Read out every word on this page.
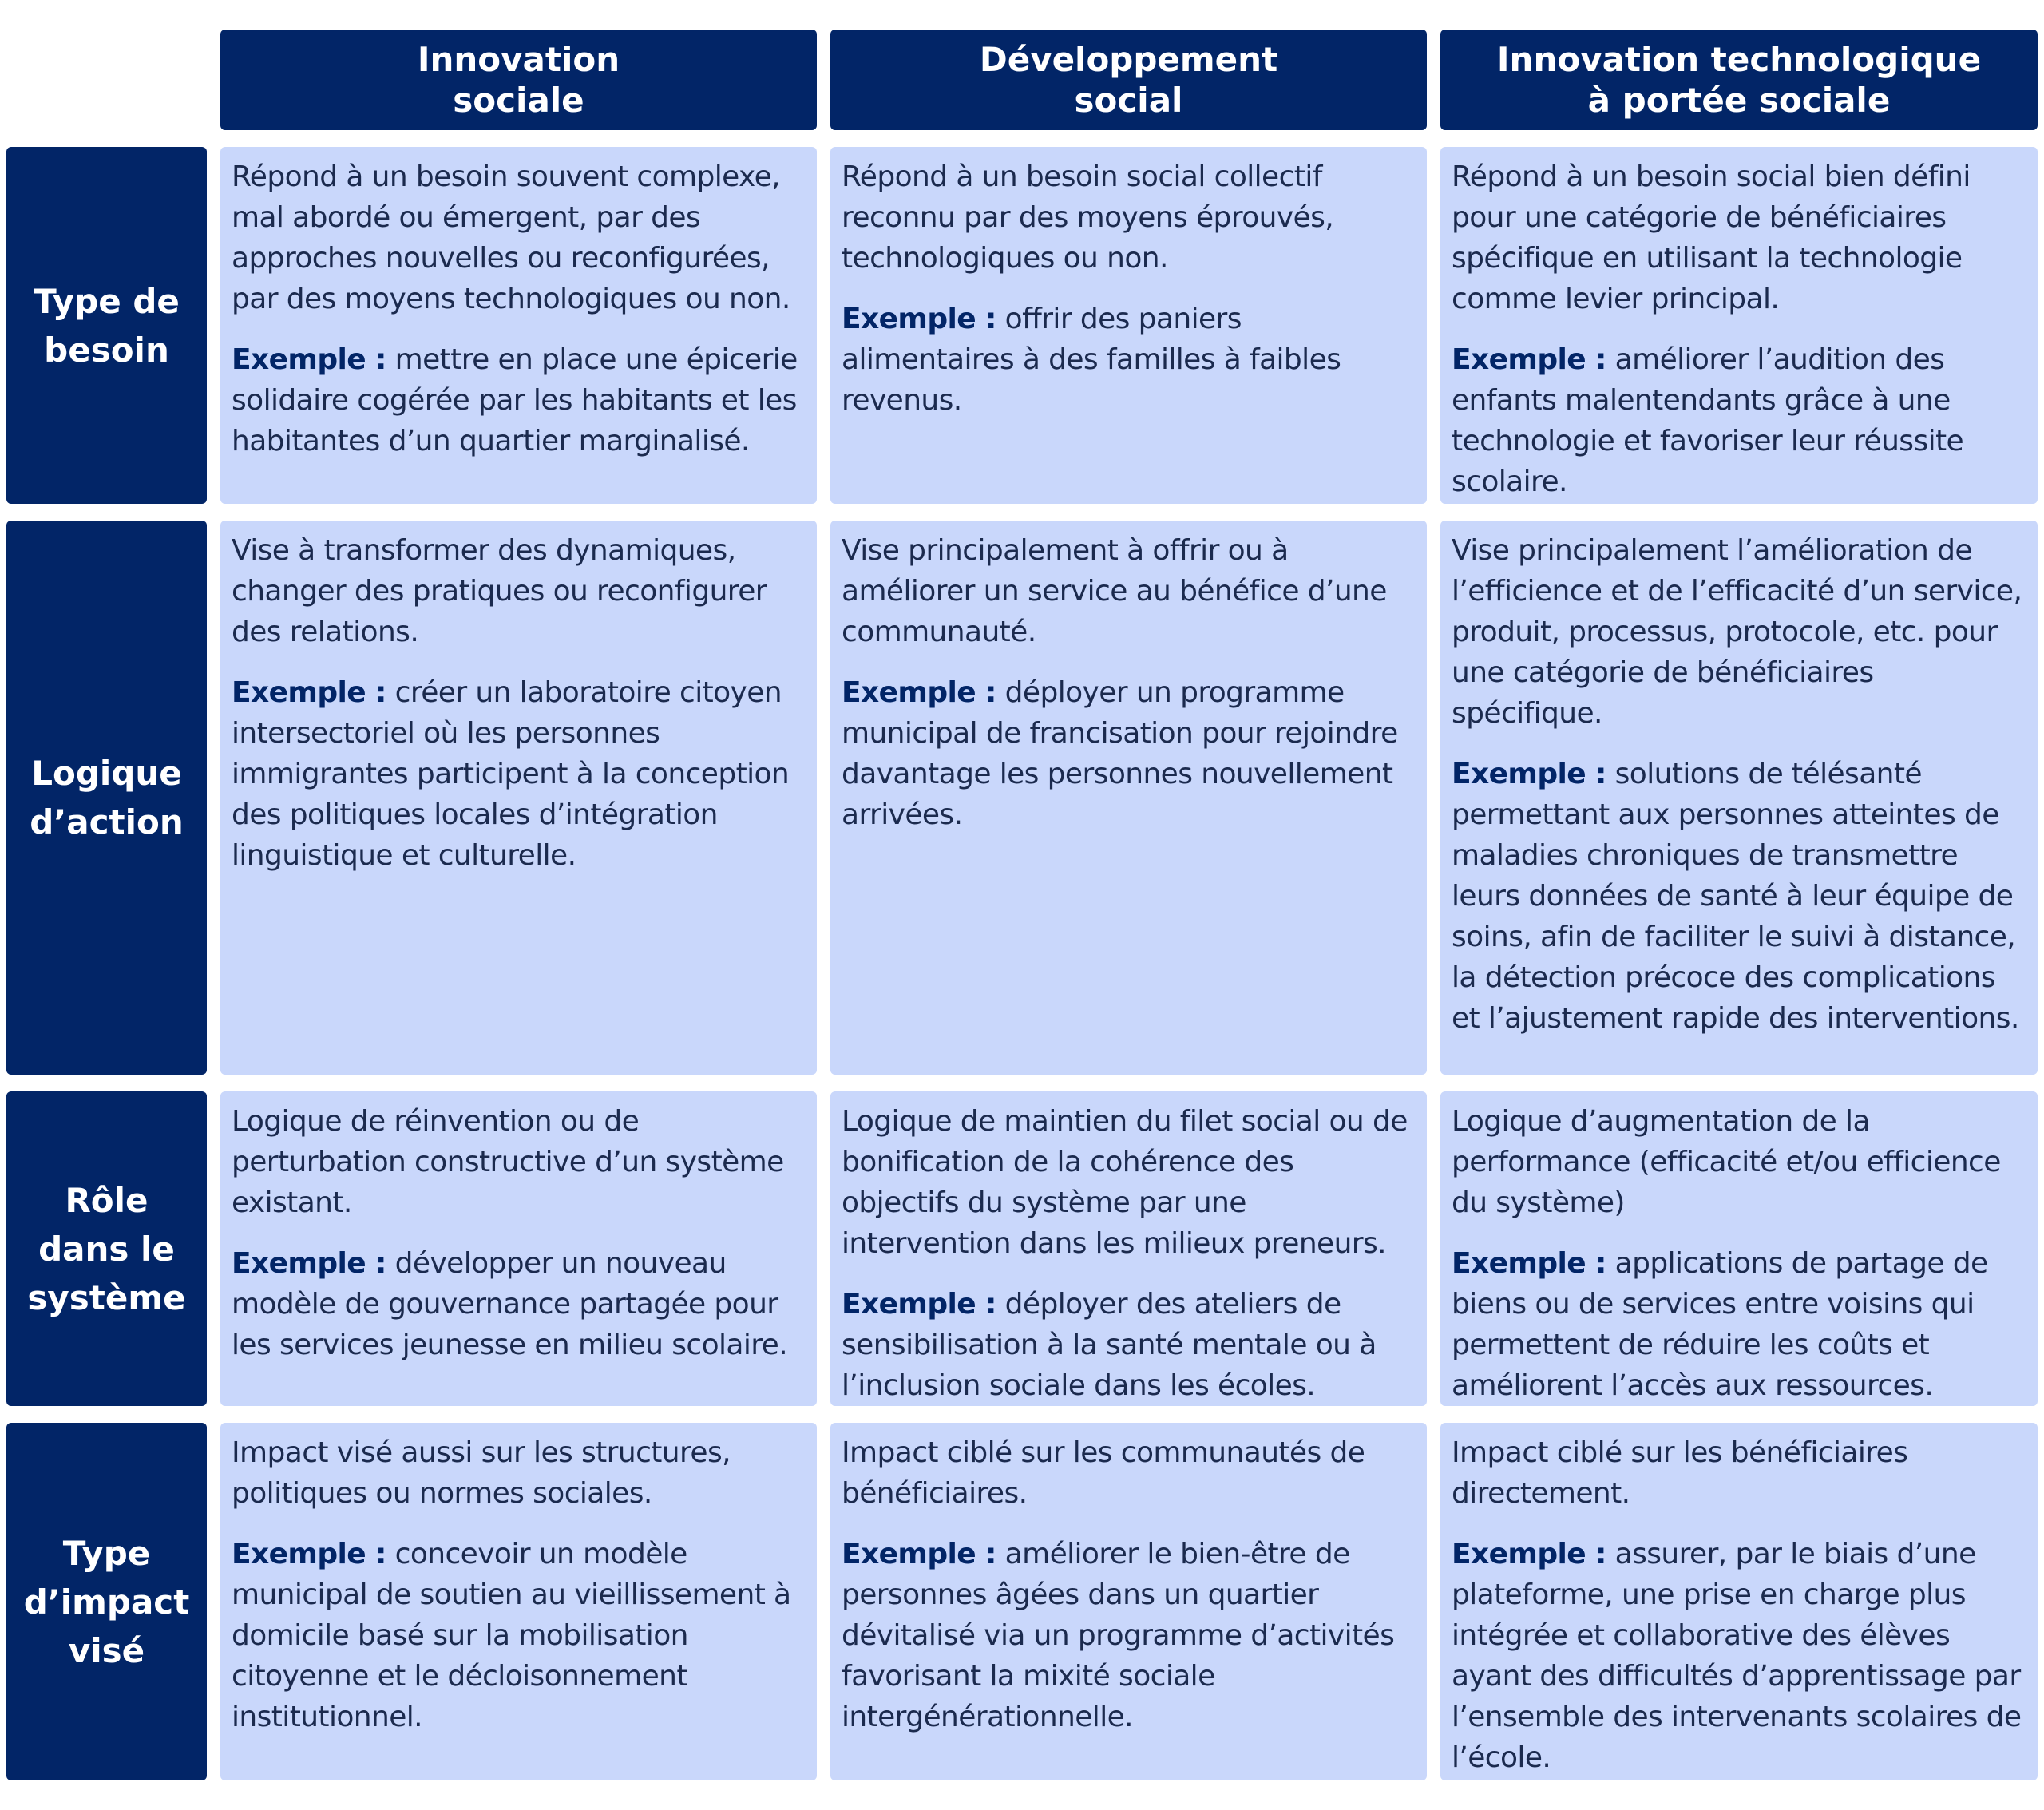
Innovation
sociale
Développement
social
Innovation technologique
à portée sociale
Type de
besoin

Répond à un besoin souvent complexe, mal abordé ou émergent, par des approches nouvelles ou reconfigurées, par des moyens technologiques ou non.

Exemple : mettre en place une épicerie solidaire cogérée par les habitants et les habitantes d’un quartier marginalisé.

Répond à un besoin social collectif reconnu par des moyens éprouvés, technologiques ou non.

Exemple : offrir des paniers alimentaires à des familles à faibles revenus.

Répond à un besoin social bien défini pour une catégorie de bénéficiaires spécifique en utilisant la technologie comme levier principal.

Exemple : améliorer l’audition des enfants malentendants grâce à une technologie et favoriser leur réussite scolaire.

Logique
d’action

Vise à transformer des dynamiques, changer des pratiques ou reconfigurer des relations.

Exemple : créer un laboratoire citoyen intersectoriel où les personnes immigrantes participent à la conception des politiques locales d’intégration linguistique et culturelle.

Vise principalement à offrir ou à améliorer un service au bénéfice d’une communauté.

Exemple : déployer un programme municipal de francisation pour rejoindre davantage les personnes nouvellement arrivées.

Vise principalement l’amélioration de l’efficience et de l’efficacité d’un service, produit, processus, protocole, etc. pour une catégorie de bénéficiaires spécifique.

Exemple : solutions de télésanté permettant aux personnes atteintes de maladies chroniques de transmettre leurs données de santé à leur équipe de soins, afin de faciliter le suivi à distance, la détection précoce des complications et l’ajustement rapide des interventions.

Rôle
dans le
système

Logique de réinvention ou de perturbation constructive d’un système existant.

Exemple : développer un nouveau modèle de gouvernance partagée pour les services jeunesse en milieu scolaire.

Logique de maintien du filet social ou de bonification de la cohérence des objectifs du système par une intervention dans les milieux preneurs.

Exemple : déployer des ateliers de sensibilisation à la santé mentale ou à l’inclusion sociale dans les écoles.

Logique d’augmentation de la performance (efficacité et/ou efficience du système)

Exemple : applications de partage de biens ou de services entre voisins qui permettent de réduire les coûts et améliorent l’accès aux ressources.

Type
d’impact
visé

Impact visé aussi sur les structures, politiques ou normes sociales.

Exemple : concevoir un modèle municipal de soutien au vieillissement à domicile basé sur la mobilisation citoyenne et le décloisonnement institutionnel.

Impact ciblé sur les communautés de bénéficiaires.

Exemple : améliorer le bien-être de personnes âgées dans un quartier dévitalisé via un programme d’activités favorisant la mixité sociale intergénérationnelle.

Impact ciblé sur les bénéficiaires directement.

Exemple : assurer, par le biais d’une plateforme, une prise en charge plus intégrée et collaborative des élèves ayant des difficultés d’apprentissage par l’ensemble des intervenants scolaires de l’école.
